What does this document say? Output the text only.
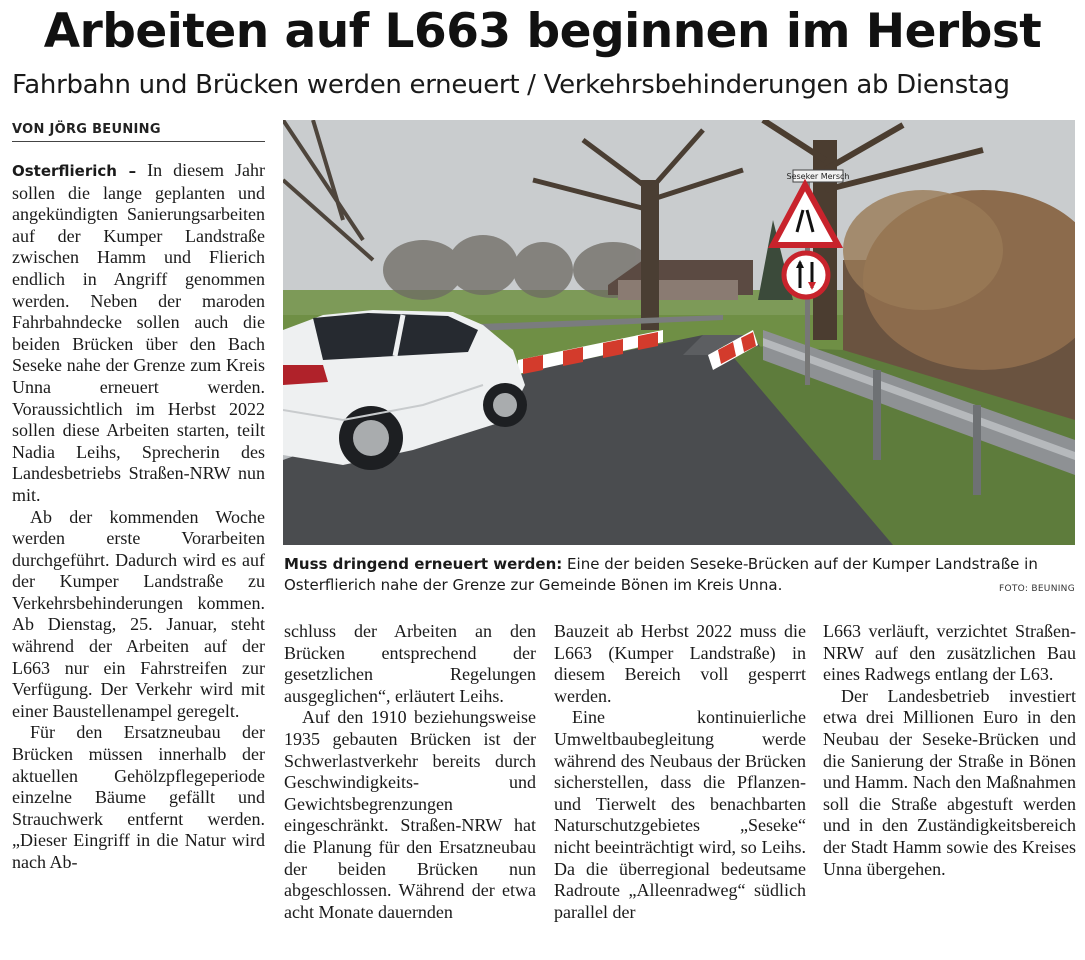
Arbeiten auf L663 beginnen im Herbst
Fahrbahn und Brücken werden erneuert / Verkehrsbehinderungen ab Dienstag
VON JÖRG BEUNING

Osterflierich – In diesem Jahr sollen die lange geplanten und angekündigten Sanierungsarbeiten auf der Kumper Landstraße zwischen Hamm und Flierich endlich in Angriff genommen werden. Neben der maroden Fahrbahndecke sollen auch die beiden Brücken über den Bach Seseke nahe der Grenze zum Kreis Unna erneuert werden. Voraussichtlich im Herbst 2022 sollen diese Arbeiten starten, teilt Nadia Leihs, Sprecherin des Landesbetriebs Straßen-NRW nun mit.

Ab der kommenden Woche werden erste Vorarbeiten durchgeführt. Dadurch wird es auf der Kumper Landstraße zu Verkehrsbehinderungen kommen. Ab Dienstag, 25. Januar, steht während der Arbeiten auf der L663 nur ein Fahrstreifen zur Verfügung. Der Verkehr wird mit einer Baustellenampel geregelt.

Für den Ersatzneubau der Brücken müssen innerhalb der aktuellen Gehölzpflegeperiode einzelne Bäume gefällt und Strauchwerk entfernt werden. „Dieser Eingriff in die Natur wird nach Ab-

Seseker Mersch
Muss dringend erneuert werden: Eine der beiden Seseke-Brücken auf der Kumper Landstraße in Osterflierich nahe der Grenze zur Gemeinde Bönen im Kreis Unna.	FOTO: BEUNING

schluss der Arbeiten an den Brücken entsprechend der gesetzlichen Regelungen ausgeglichen“, erläutert Leihs.

Auf den 1910 beziehungsweise 1935 gebauten Brücken ist der Schwerlastverkehr bereits durch Geschwindigkeits- und Gewichtsbegrenzungen eingeschränkt. Straßen-NRW hat die Planung für den Ersatzneubau der beiden Brücken nun abgeschlossen. Während der etwa acht Monate dauernden

Bauzeit ab Herbst 2022 muss die L663 (Kumper Landstraße) in diesem Bereich voll gesperrt werden.

Eine kontinuierliche Umweltbaubegleitung werde während des Neubaus der Brücken sicherstellen, dass die Pflanzen- und Tierwelt des benachbarten Naturschutzgebietes „Seseke“ nicht beeinträchtigt wird, so Leihs. Da die überregional bedeutsame Radroute „Alleenradweg“ südlich parallel der

L663 verläuft, verzichtet Straßen-NRW auf den zusätzlichen Bau eines Radwegs entlang der L63.

Der Landesbetrieb investiert etwa drei Millionen Euro in den Neubau der Seseke-Brücken und die Sanierung der Straße in Bönen und Hamm. Nach den Maßnahmen soll die Straße abgestuft werden und in den Zuständigkeitsbereich der Stadt Hamm sowie des Kreises Unna übergehen.
